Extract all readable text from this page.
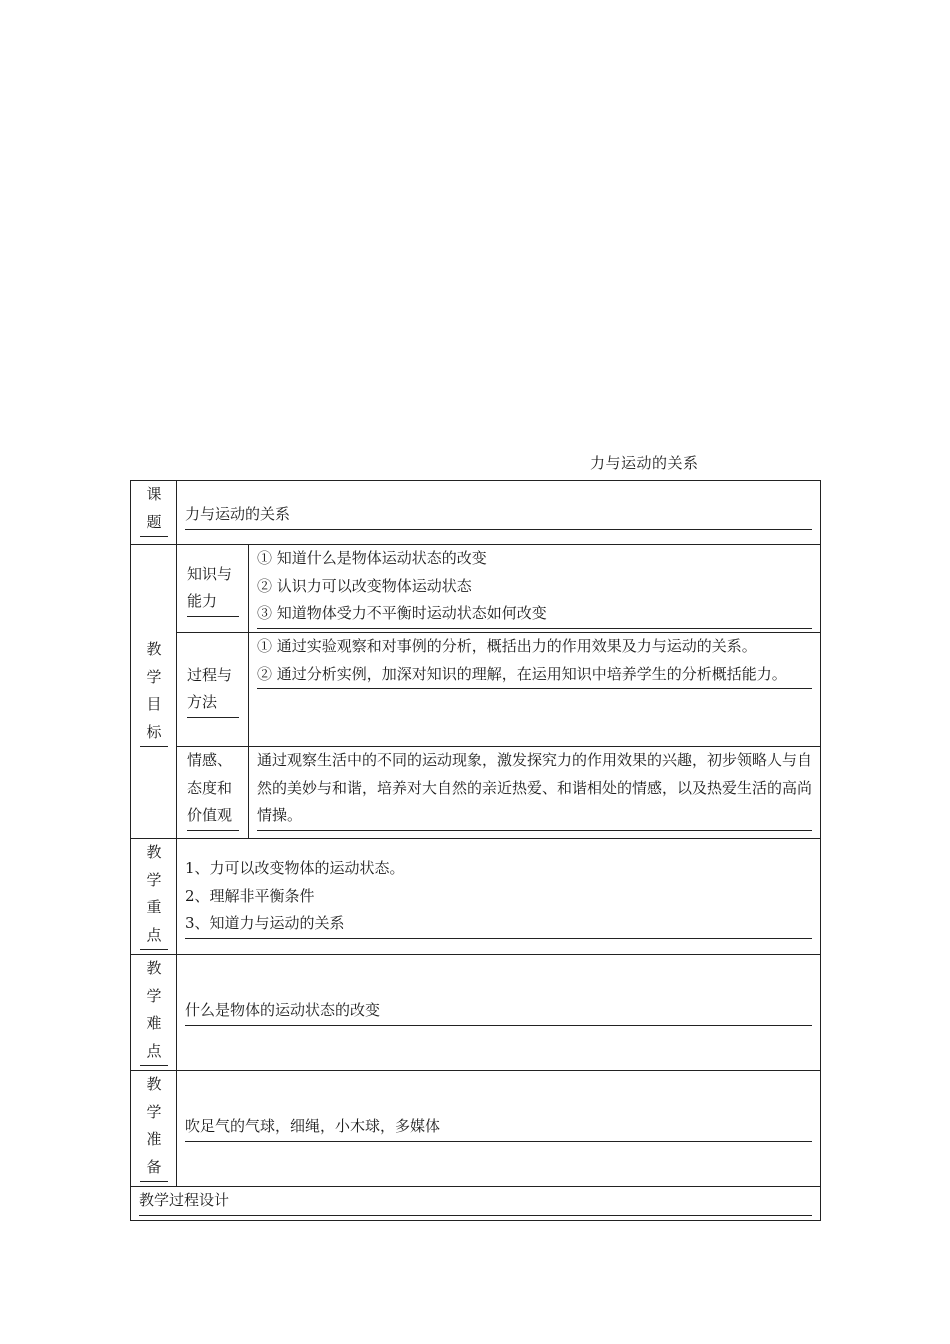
力与运动的关系
课
题	力与运动的关系	

教
学
目
标	知识与
能力	① 知道什么是物体运动状态的改变
② 认识力可以改变物体运动状态
③ 知道物体受力不平衡时运动状态如何改变

	过程与
方法	① 通过实验观察和对事例的分析，概括出力的作用效果及力与运动的关系。
② 通过分析实例，加深对知识的理解，在运用知识中培养学生的分析概括能力。

	情感、
态度和
价值观	通过观察生活中的不同的运动现象，激发探究力的作用效果的兴趣，初步领略人与自然的美妙与和谐，培养对大自然的亲近热爱、和谐相处的情感，以及热爱生活的高尚情操。

教
学
重
点	1、力可以改变物体的运动状态。
2、理解非平衡条件
3、知道力与运动的关系	

教
学
难
点	什么是物体的运动状态的改变	

教
学
准
备	吹足气的气球，细绳，小木球，多媒体	

教学过程设计		
